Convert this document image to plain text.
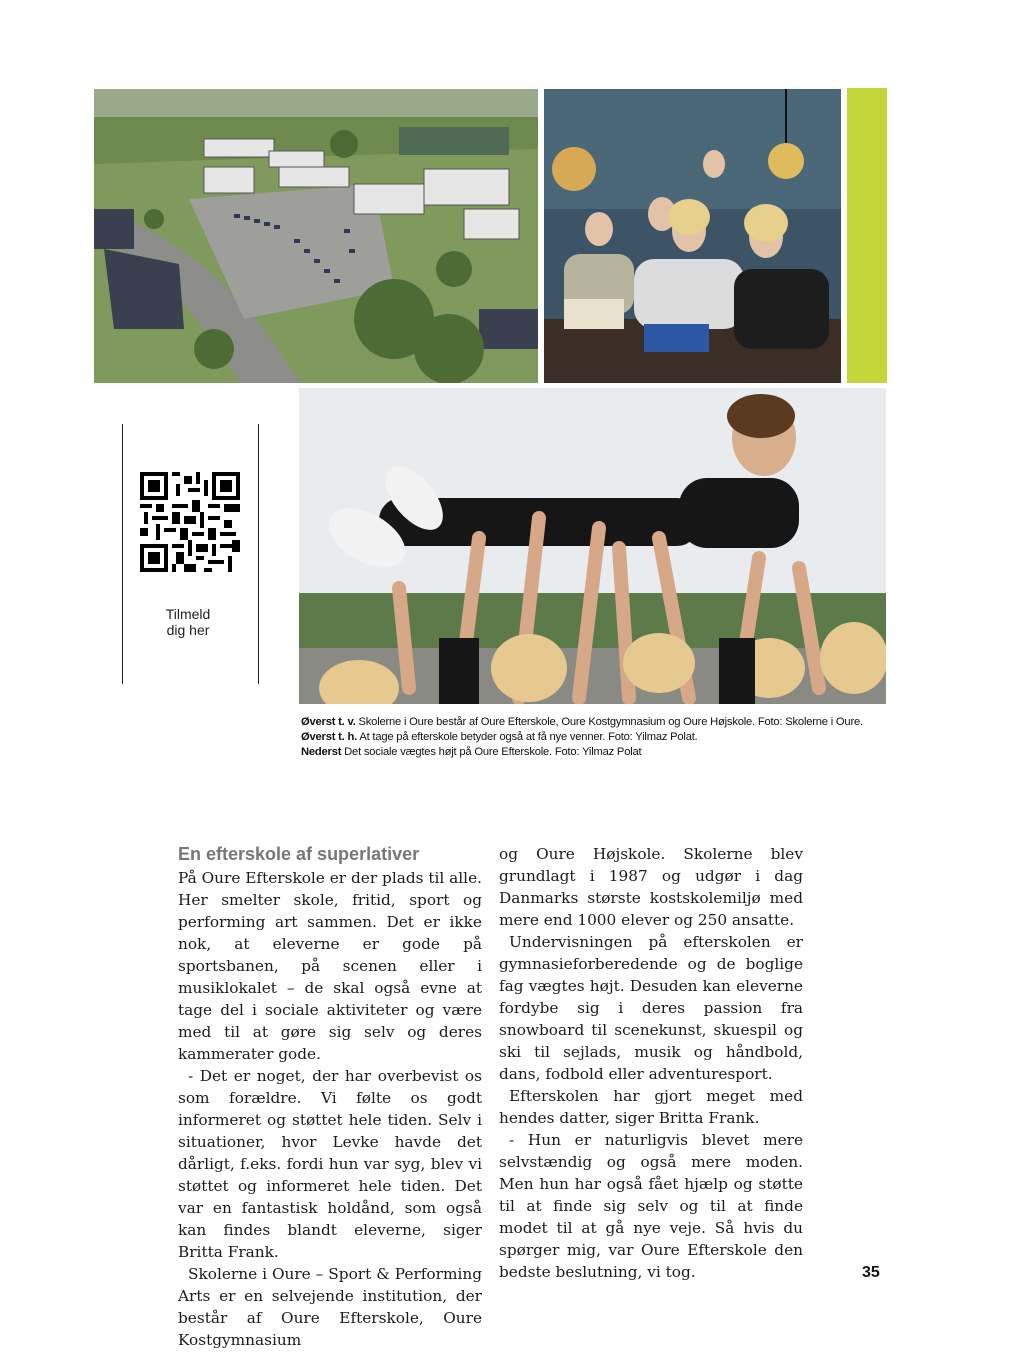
Tilmeld
dig her
Øverst t. v. Skolerne i Oure består af Oure Efterskole, Oure Kostgymnasium og Oure Højskole. Foto: Skolerne i Oure.
Øverst t. h. At tage på efterskole betyder også at få nye venner. Foto: Yilmaz Polat.
Nederst Det sociale vægtes højt på Oure Efterskole. Foto: Yilmaz Polat
En efterskole af superlativer

På Oure Efterskole er der plads til alle. Her smelter skole, fritid, sport og performing art sammen. Det er ikke nok, at eleverne er gode på sportsbanen, på scenen eller i musiklokalet – de skal også evne at tage del i sociale aktiviteter og være med til at gøre sig selv og deres kammerater gode.

- Det er noget, der har overbevist os som forældre. Vi følte os godt informeret og støttet hele tiden. Selv i situationer, hvor Levke havde det dårligt, f.eks. fordi hun var syg, blev vi støttet og informeret hele tiden. Det var en fantastisk holdånd, som også kan findes blandt eleverne, siger Britta Frank.

Skolerne i Oure – Sport & Performing Arts er en selvejende institution, der består af Oure Efterskole, Oure Kostgymnasium

og Oure Højskole. Skolerne blev grundlagt i 1987 og udgør i dag Danmarks største kostskolemiljø med mere end 1000 elever og 250 ansatte.

Undervisningen på efterskolen er gymnasieforberedende og de boglige fag vægtes højt. Desuden kan eleverne fordybe sig i deres passion fra snowboard til scenekunst, skuespil og ski til sejlads, musik og håndbold, dans, fodbold eller adventuresport.

Efterskolen har gjort meget med hendes datter, siger Britta Frank.

- Hun er naturligvis blevet mere selvstændig og også mere moden. Men hun har også fået hjælp og støtte til at finde sig selv og til at finde modet til at gå nye veje. Så hvis du spørger mig, var Oure Efterskole den bedste beslutning, vi tog.	35
